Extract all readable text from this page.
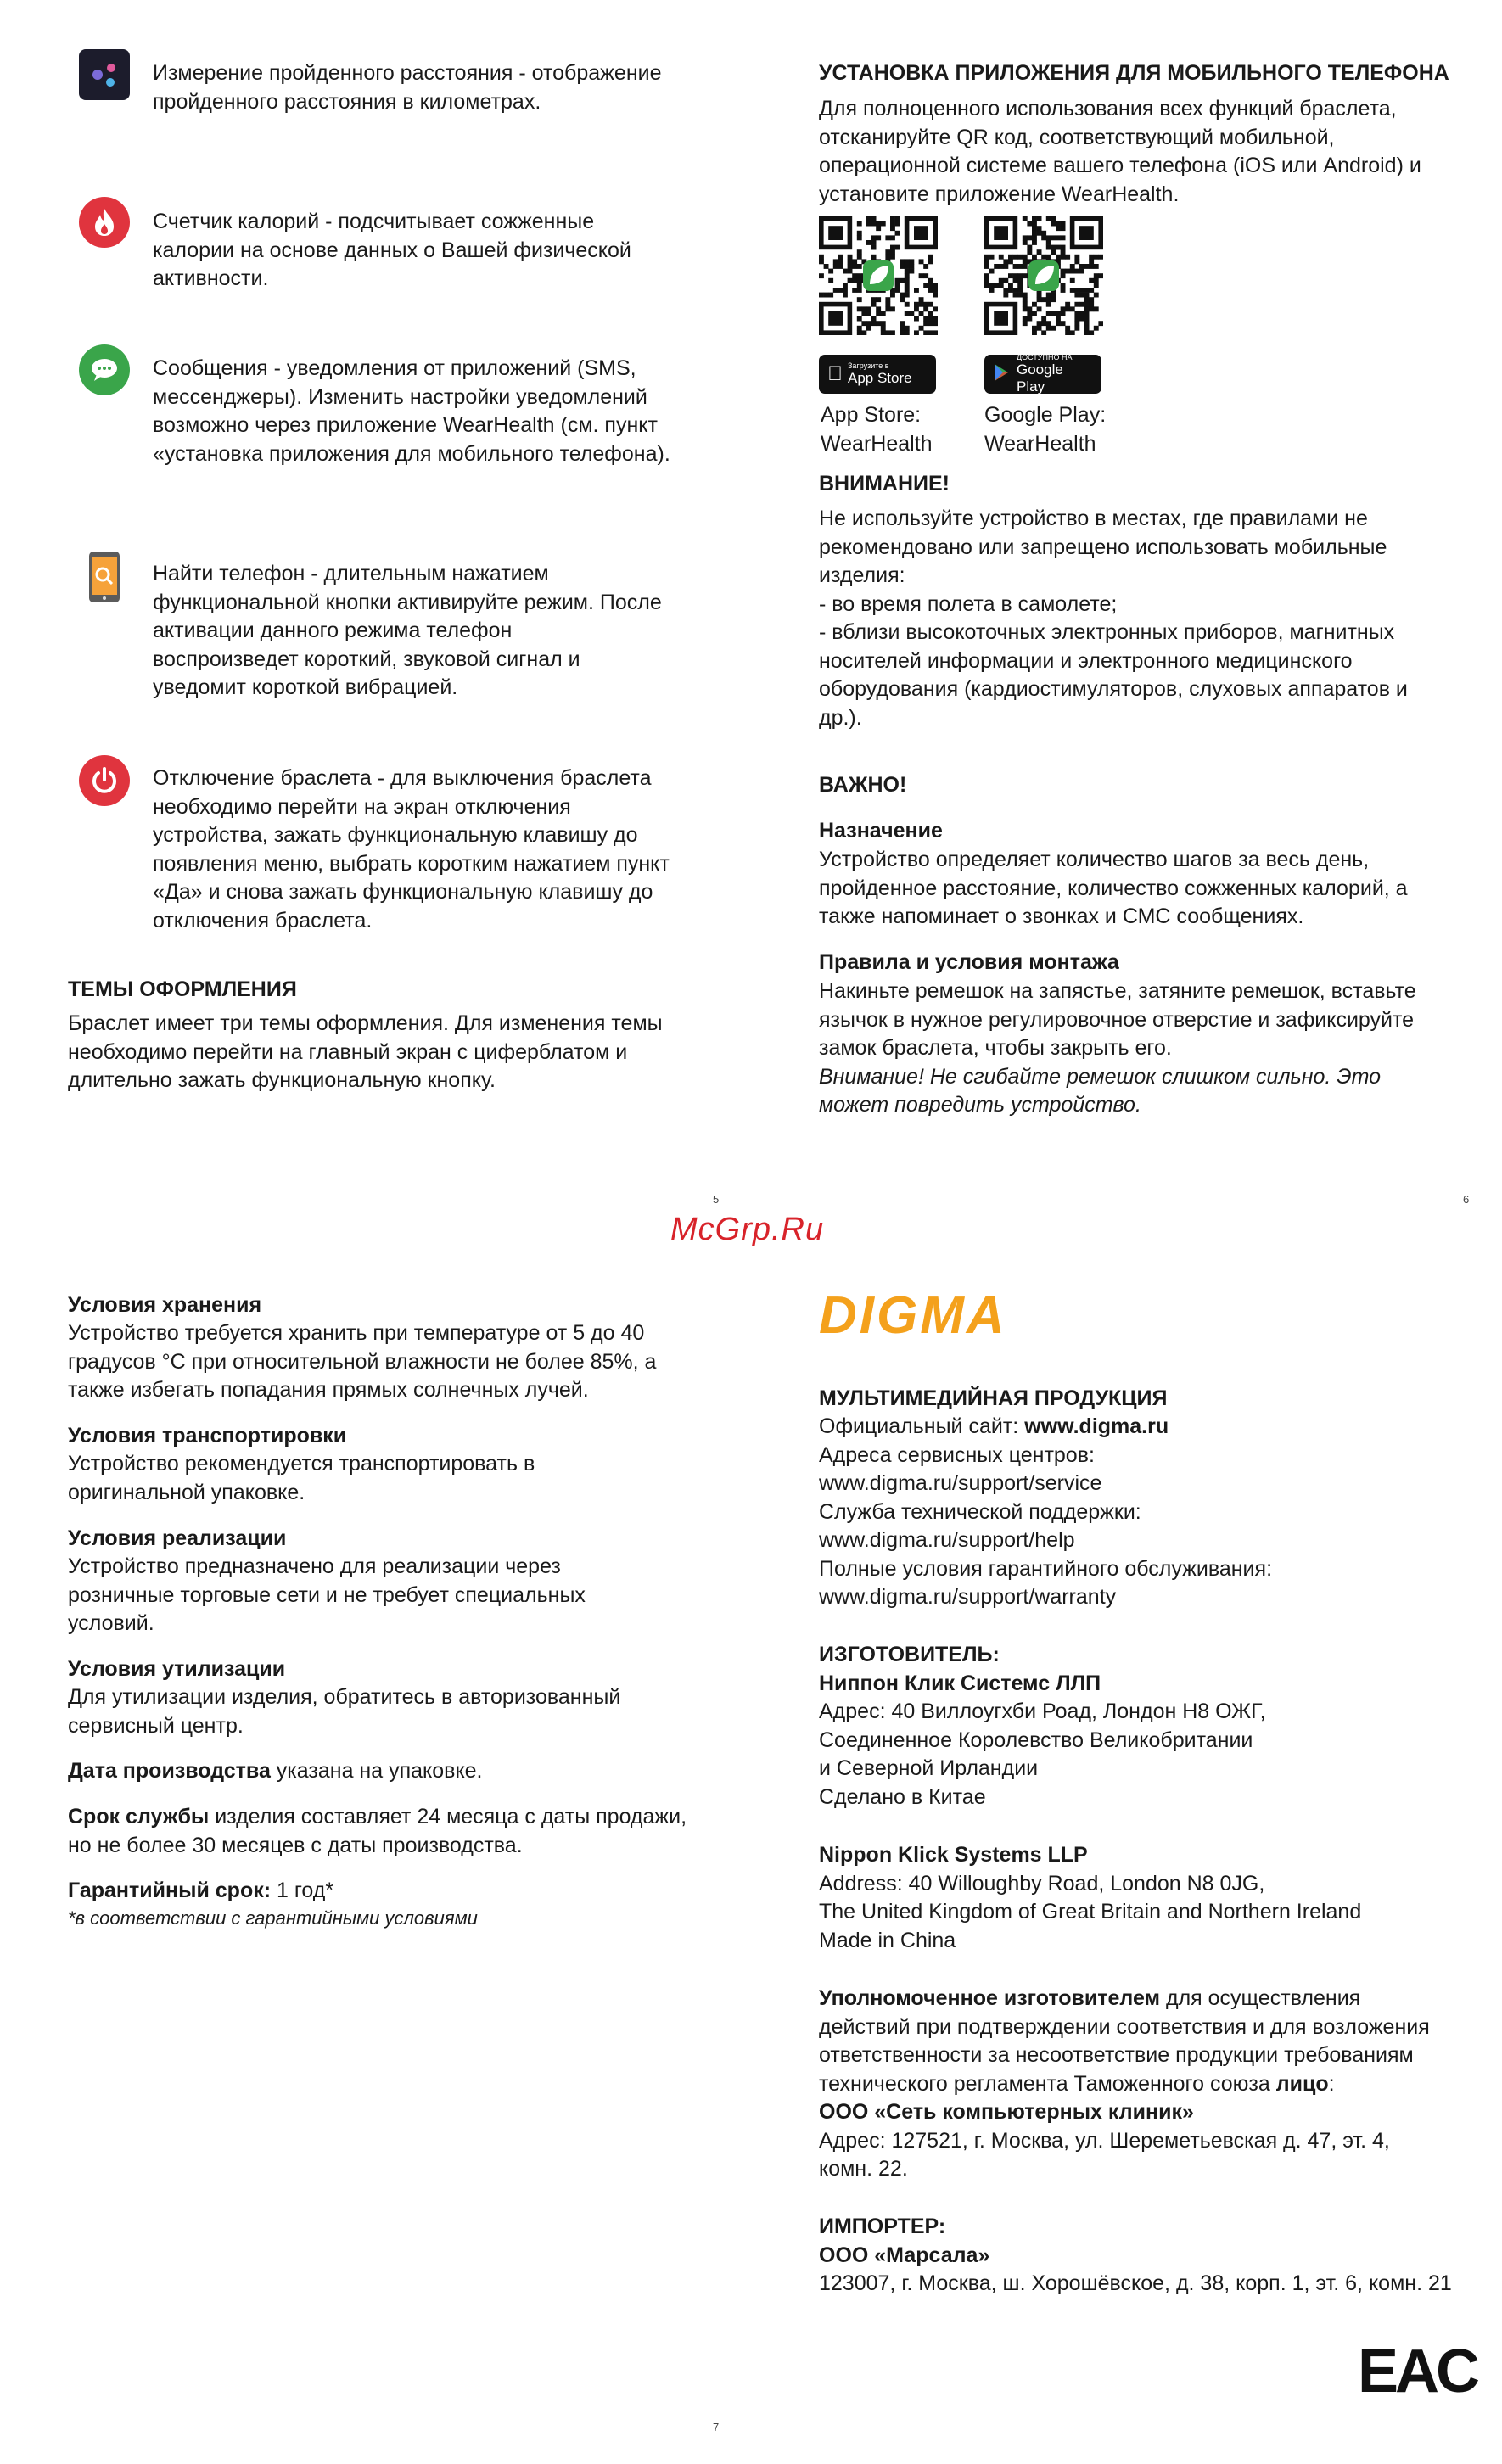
Измерение пройденного расстояния - отображение пройденного расстояния в километрах.

Счетчик калорий - подсчитывает сожженные калории на основе данных о Вашей физической активности.

Сообщения - уведомления от приложений (SMS, мессенджеры). Изменить настройки уведомлений возможно через приложение WearHealth (см. пункт «установка приложения для мобильного телефона).

Найти телефон - длительным нажатием функциональной кнопки активируйте режим. После активации данного режима телефон воспроизведет короткий, звуковой сигнал и уведомит короткой вибрацией.

Отключение браслета - для выключения браслета необходимо перейти на экран отключения устройства, зажать функциональную клавишу до появления меню, выбрать коротким нажатием пункт «Да» и снова зажать функциональную клавишу до отключения браслета.

ТЕМЫ ОФОРМЛЕНИЯ

Браслет имеет три темы оформления. Для изменения темы необходимо перейти на главный экран с циферблатом и длительно зажать функциональную кнопку.

УСТАНОВКА ПРИЛОЖЕНИЯ ДЛЯ МОБИЛЬНОГО ТЕЛЕФОНА

Для полноценного использования всех функций браслета, отсканируйте QR код, соответствующий мобильной, операционной системе вашего телефона (iOS или Android) и установите приложение WearHealth.

Загрузите в
App Store
ДОСТУПНО НА
Google Play

App Store:

WearHealth

Google Play:

WearHealth

ВНИМАНИЕ!

Не используйте устройство в местах, где правилами не рекомендовано или запрещено использовать мобильные изделия:

- во время полета в самолете;

- вблизи высокоточных электронных приборов, магнитных носителей информации и электронного медицинского оборудования (кардиостимуляторов, слуховых аппаратов и др.).

ВАЖНО!
Назначение

Устройство определяет количество шагов за весь день, пройденное расстояние, количество сожженных калорий, а также напоминает о звонках и СМС сообщениях.

Правила и условия монтажа

Накиньте ремешок на запястье, затяните ремешок, вставьте язычок в нужное регулировочное отверстие и зафиксируйте замок браслета, чтобы закрыть его.

Внимание! Не сгибайте ремешок слишком сильно. Это может повредить устройство.

5	6
7
McGrp.Ru
Условия хранения

Устройство требуется хранить при температуре от 5 до 40 градусов °С при относительной влажности не более 85%, а также избегать попадания прямых солнечных лучей.

Условия транспортировки

Устройство рекомендуется транспортировать в оригинальной упаковке.

Условия реализации

Устройство предназначено для реализации через розничные торговые сети и не требует специальных условий.

Условия утилизации

Для утилизации изделия, обратитесь в авторизованный сервисный центр.

Дата производства указана на упаковке.
Срок службы изделия составляет 24 месяца с даты продажи, но не более 30 месяцев с даты производства.
Гарантийный срок: 1 год*
*в соответствии с гарантийными условиями
DIGMA
МУЛЬТИМЕДИЙНАЯ ПРОДУКЦИЯ

Официальный сайт: www.digma.ru

Адреса сервисных центров:

www.digma.ru/support/service

Служба технической поддержки:

www.digma.ru/support/help

Полные условия гарантийного обслуживания:

www.digma.ru/support/warranty

ИЗГОТОВИТЕЛЬ:

Ниппон Клик Системс ЛЛП

Адрес: 40 Виллоугхби Роад, Лондон Н8 ОЖГ,

Соединенное Королевство Великобритании

и Северной Ирландии

Сделано в Китае

Nippon Klick Systems LLP

Address: 40 Willoughby Road, London N8 0JG,

The United Kingdom of Great Britain and Northern Ireland

Made in China

Уполномоченное изготовителем для осуществления действий при подтверждении соответствия и для возложения ответственности за несоответствие продукции требованиям технического регламента Таможенного союза лицо:

ООО «Сеть компьютерных клиник»

Адрес: 127521, г. Москва, ул. Шереметьевская д. 47, эт. 4, комн. 22.

ИМПОРТЕР:

ООО «Марсала»

123007, г. Москва, ш. Хорошёвское, д. 38, корп. 1, эт. 6, комн. 21

EAC
